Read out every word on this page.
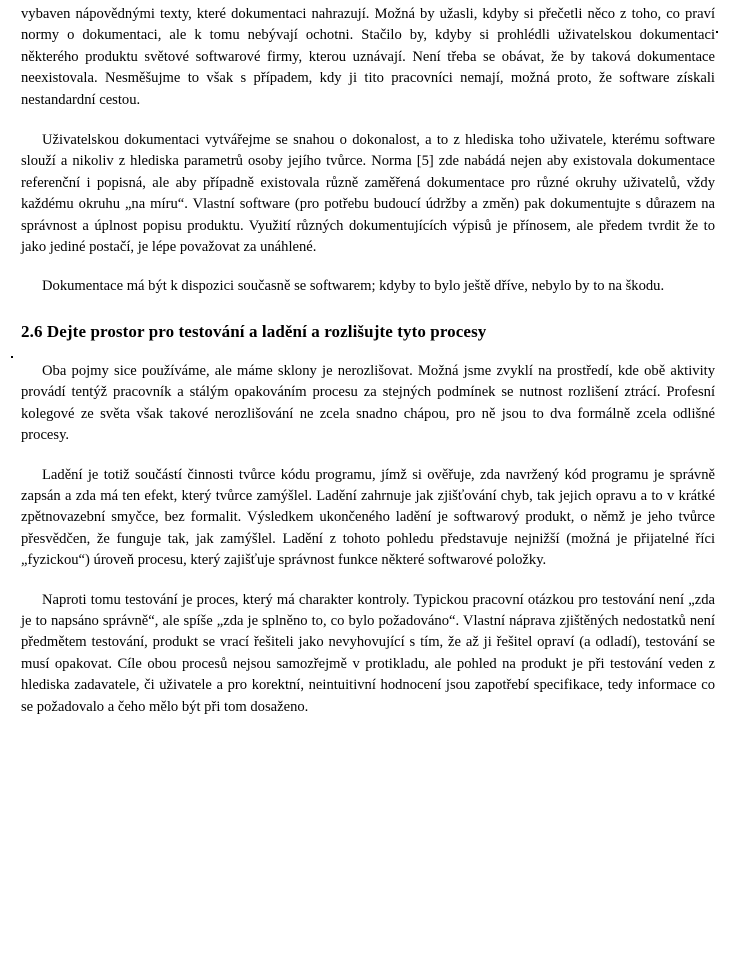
vybaven nápovědnými texty, které dokumentaci nahrazují. Možná by užasli, kdyby si přečetli něco z toho, co praví normy o dokumentaci, ale k tomu nebývají ochotni. Stačilo by, kdyby si prohlédli uživatelskou dokumentaci některého produktu světové softwarové firmy, kterou uznávají. Není třeba se obávat, že by taková dokumentace neexistovala. Nesměšujme to však s případem, kdy ji tito pracovníci nemají, možná proto, že software získali nestandardní cestou.

Uživatelskou dokumentaci vytvářejme se snahou o dokonalost, a to z hlediska toho uživatele, kterému software slouží a nikoliv z hlediska parametrů osoby jejího tvůrce. Norma [5] zde nabádá nejen aby existovala dokumentace referenční i popisná, ale aby případně existovala různě zaměřená dokumentace pro různé okruhy uživatelů, vždy každému okruhu „na míru“. Vlastní software (pro potřebu budoucí údržby a změn) pak dokumentujte s důrazem na správnost a úplnost popisu produktu. Využití různých dokumentujících výpisů je přínosem, ale předem tvrdit že to jako jediné postačí, je lépe považovat za unáhlené.

Dokumentace má být k dispozici současně se softwarem; kdyby to bylo ještě dříve, nebylo by to na škodu.

2.6 Dejte prostor pro testování a ladění a rozlišujte tyto procesy

Oba pojmy sice používáme, ale máme sklony je nerozlišovat. Možná jsme zvyklí na prostředí, kde obě aktivity provádí tentýž pracovník a stálým opakováním procesu za stejných podmínek se nutnost rozlišení ztrácí. Profesní kolegové ze světa však takové nerozlišování ne zcela snadno chápou, pro ně jsou to dva formálně zcela odlišné procesy.

Ladění je totiž součástí činnosti tvůrce kódu programu, jímž si ověřuje, zda navržený kód programu je správně zapsán a zda má ten efekt, který tvůrce zamýšlel. Ladění zahrnuje jak zjišťování chyb, tak jejich opravu a to v krátké zpětnovazební smyčce, bez formalit. Výsledkem ukončeného ladění je softwarový produkt, o němž je jeho tvůrce přesvědčen, že funguje tak, jak zamýšlel. Ladění z tohoto pohledu představuje nejnižší (možná je přijatelné říci „fyzickou“) úroveň procesu, který zajišťuje správnost funkce některé softwarové položky.

Naproti tomu testování je proces, který má charakter kontroly. Typickou pracovní otázkou pro testování není „zda je to napsáno správně“, ale spíše „zda je splněno to, co bylo požadováno“. Vlastní náprava zjištěných nedostatků není předmětem testování, produkt se vrací řešiteli jako nevyhovující s tím, že až ji řešitel opraví (a odladí), testování se musí opakovat. Cíle obou procesů nejsou samozřejmě v protikladu, ale pohled na produkt je při testování veden z hlediska zadavatele, či uživatele a pro korektní, neintuitivní hodnocení jsou zapotřebí specifikace, tedy informace co se požadovalo a čeho mělo být při tom dosaženo.
